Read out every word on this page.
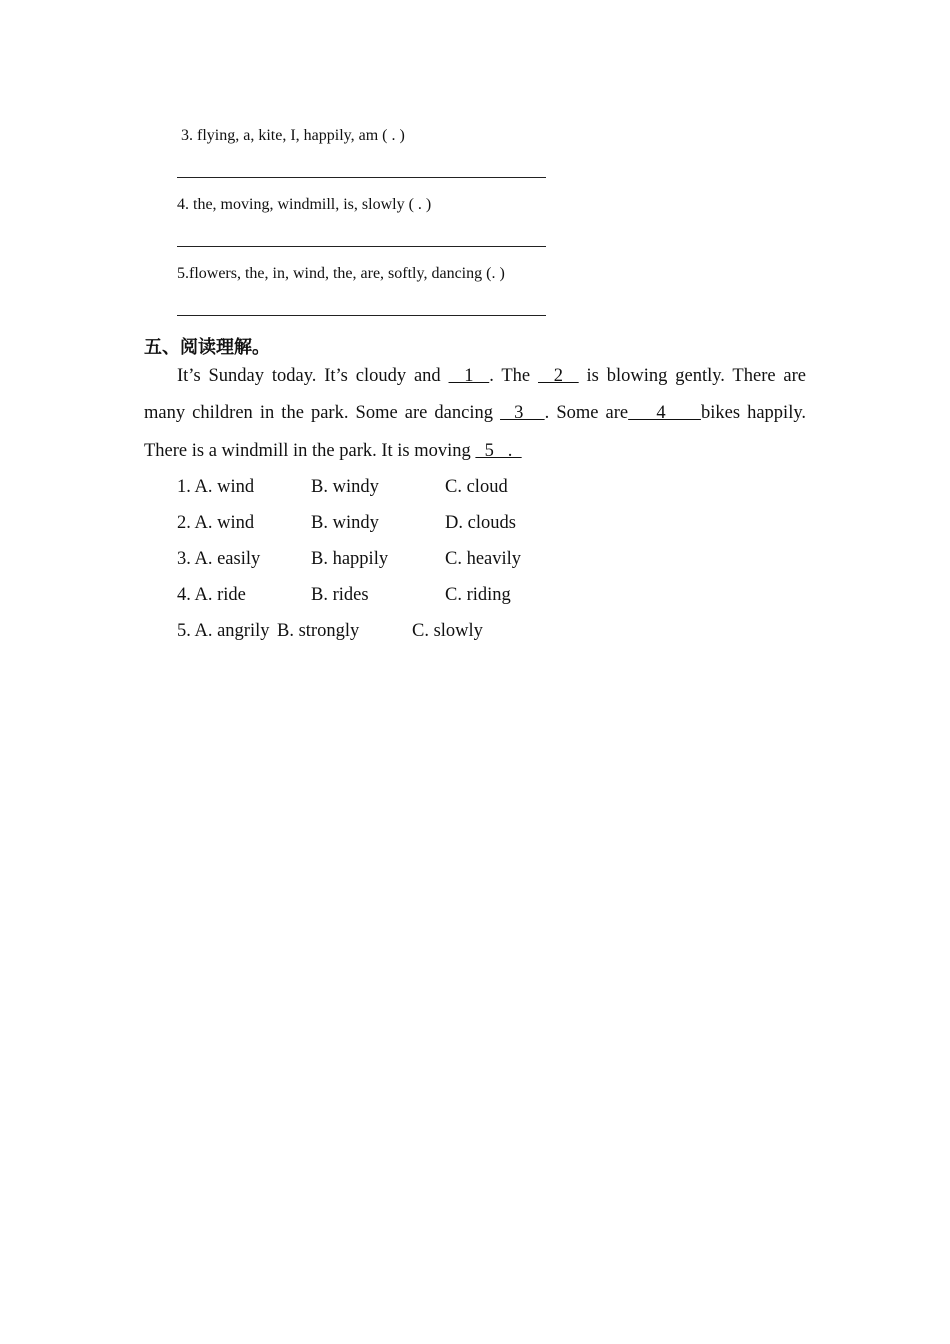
3. flying, a, kite, I, happily, am ( . )
4. the, moving, windmill, is, slowly ( . )
5.flowers, the, in, wind, the, are, softly, dancing (. )
五、阅读理解。
It’s Sunday today. It’s cloudy and   1  . The   2   is blowing gently. There are
many children in the park. Some are dancing   3   . Some are    4     bikes happily.
There is a windmill in the park. It is moving   5   .
1. A. wind	B. windy	C. cloud
2. A. wind	B. windy	D. clouds
3. A. easily	B. happily	C. heavily
4. A. ride	B. rides	C. riding
5. A. angrily B. strongly	C. slowly
